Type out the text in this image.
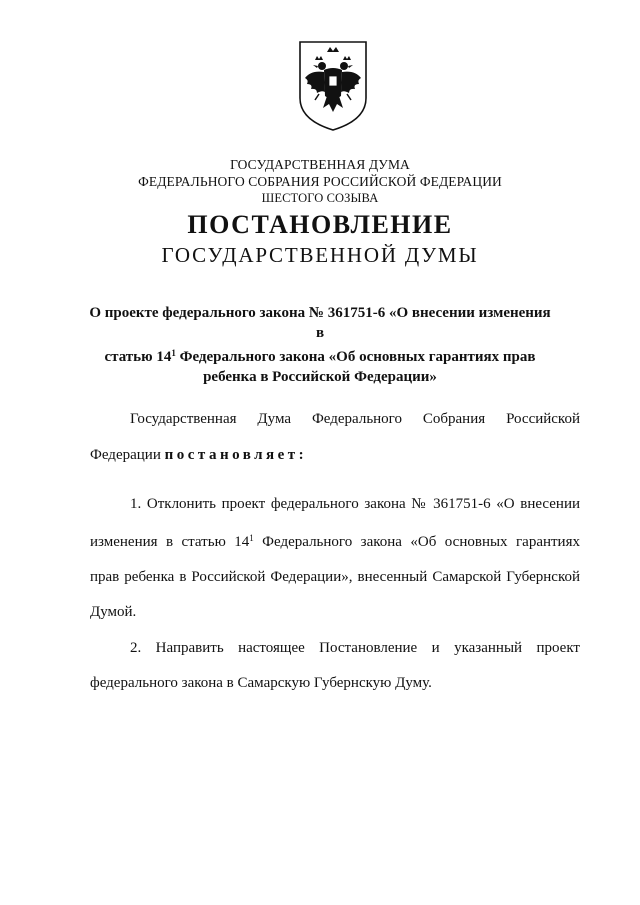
ГОСУДАРСТВЕННАЯ ДУМА
ФЕДЕРАЛЬНОГО СОБРАНИЯ РОССИЙСКОЙ ФЕДЕРАЦИИ
ШЕСТОГО СОЗЫВА
ПОСТАНОВЛЕНИЕ
ГОСУДАРСТВЕННОЙ ДУМЫ
О проекте федерального закона № 361751-6 «О внесении изменения в
статью $14^1$ Федерального закона «Об основных гарантиях прав
ребенка в Российской Федерации»
Государственная Дума Федерального Собрания Российской
Федерации постановляет:
1. Отклонить проект федерального закона № 361751-6 «О внесении
изменения в статью $14^1$ Федерального закона «Об основных гарантиях
прав ребенка в Российской Федерации», внесенный Самарской Губернской
Думой.
2. Направить настоящее Постановление и указанный проект
федерального закона в Самарскую Губернскую Думу.
